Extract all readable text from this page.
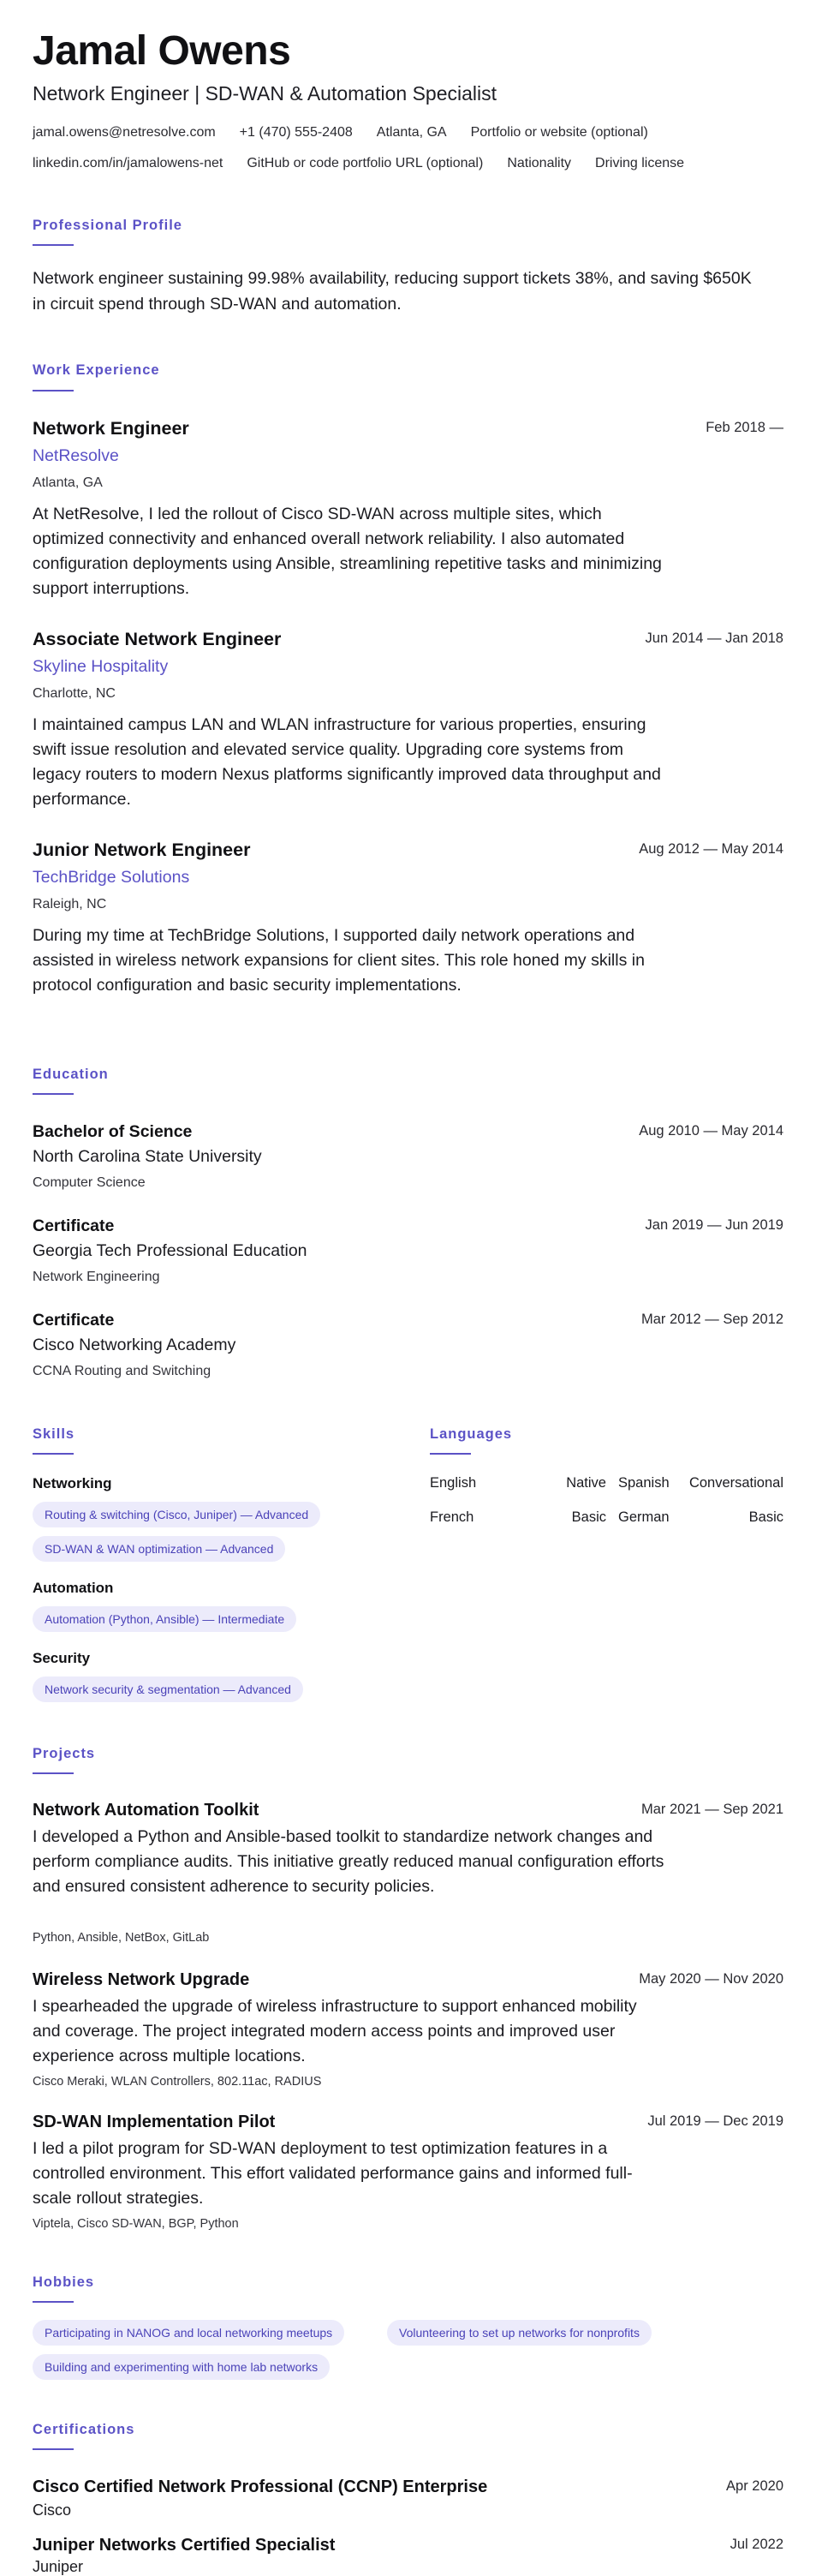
Jamal Owens
Network Engineer | SD-WAN & Automation Specialist
jamal.owens@netresolve.com +1 (470) 555-2408 Atlanta, GA Portfolio or website (optional)
linkedin.com/in/jamalowens-net GitHub or code portfolio URL (optional) Nationality Driving license
Professional Profile
Network engineer sustaining 99.98% availability, reducing support tickets 38%, and saving $650K in circuit spend through SD-WAN and automation.
Work Experience
Network Engineer	Feb 2018 —
NetResolve
Atlanta, GA
At NetResolve, I led the rollout of Cisco SD-WAN across multiple sites, which optimized connectivity and enhanced overall network reliability. I also automated configuration deployments using Ansible, streamlining repetitive tasks and minimizing support interruptions.
Associate Network Engineer	Jun 2014 — Jan 2018
Skyline Hospitality
Charlotte, NC
I maintained campus LAN and WLAN infrastructure for various properties, ensuring swift issue resolution and elevated service quality. Upgrading core systems from legacy routers to modern Nexus platforms significantly improved data throughput and performance.
Junior Network Engineer	Aug 2012 — May 2014
TechBridge Solutions
Raleigh, NC
During my time at TechBridge Solutions, I supported daily network operations and assisted in wireless network expansions for client sites. This role honed my skills in protocol configuration and basic security implementations.
Education
Bachelor of Science	Aug 2010 — May 2014
North Carolina State University
Computer Science
Certificate	Jan 2019 — Jun 2019
Georgia Tech Professional Education
Network Engineering
Certificate	Mar 2012 — Sep 2012
Cisco Networking Academy
CCNA Routing and Switching
Skills
Networking
Routing & switching (Cisco, Juniper) — Advanced
SD-WAN & WAN optimization — Advanced
Automation
Automation (Python, Ansible) — Intermediate
Security
Network security & segmentation — Advanced
Languages
English	Native Spanish	Conversational
French	Basic German	Basic
Projects
Network Automation Toolkit	Mar 2021 — Sep 2021
I developed a Python and Ansible-based toolkit to standardize network changes and perform compliance audits. This initiative greatly reduced manual configuration efforts and ensured consistent adherence to security policies.
Python, Ansible, NetBox, GitLab
Wireless Network Upgrade	May 2020 — Nov 2020
I spearheaded the upgrade of wireless infrastructure to support enhanced mobility and coverage. The project integrated modern access points and improved user experience across multiple locations.
Cisco Meraki, WLAN Controllers, 802.11ac, RADIUS
SD-WAN Implementation Pilot	Jul 2019 — Dec 2019
I led a pilot program for SD-WAN deployment to test optimization features in a controlled environment. This effort validated performance gains and informed full-scale rollout strategies.
Viptela, Cisco SD-WAN, BGP, Python
Hobbies
Participating in NANOG and local networking meetups	Volunteering to set up networks for nonprofits
Building and experimenting with home lab networks
Certifications
Cisco Certified Network Professional (CCNP) Enterprise	Apr 2020
Cisco
Juniper Networks Certified Specialist	Jul 2022
Juniper
